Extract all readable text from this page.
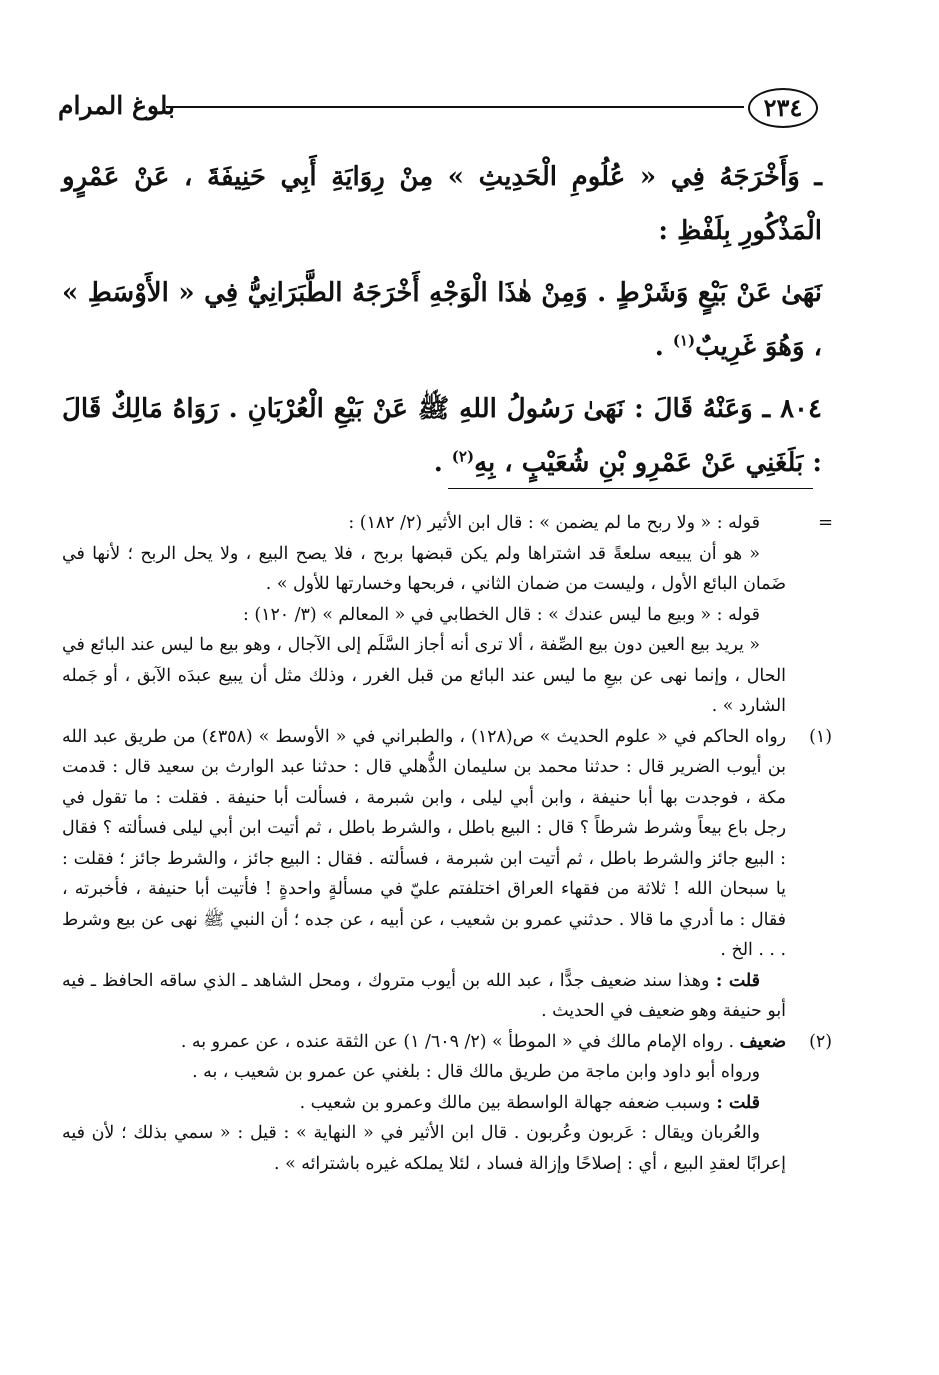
٢٣٤
بلوغ المرام

ـ وَأَخْرَجَهُ فِي « عُلُومِ الْحَدِيثِ » مِنْ رِوَايَةِ أَبِي حَنِيفَةَ ، عَنْ عَمْرٍو الْمَذْكُورِ بِلَفْظِ :

نَهَىٰ عَنْ بَيْعٍ وَشَرْطٍ . وَمِنْ هٰذَا الْوَجْهِ أَخْرَجَهُ الطَّبَرَانِيُّ فِي « الأَوْسَطِ » ، وَهُوَ غَرِيبٌ$^{(١)}$ .

٨٠٤ ـ وَعَنْهُ قَالَ : نَهَىٰ رَسُولُ اللهِ ﷺ عَنْ بَيْعِ الْعُرْبَانِ . رَوَاهُ مَالِكٌ قَالَ : بَلَغَنِي عَنْ عَمْرِو بْنِ شُعَيْبٍ ، بِهِ$^{(٢)}$ .

=

قوله : « ولا ربح ما لم يضمن » : قال ابن الأثير (٢/ ١٨٢) :

« هو أن يبيعه سلعةً قد اشتراها ولم يكن قبضها بربح ، فلا يصح البيع ، ولا يحل الربح ؛ لأنها في ضَمان البائع الأول ، وليست من ضمان الثاني ، فربحها وخسارتها للأول » .

قوله : « وبيع ما ليس عندك » : قال الخطابي في « المعالم » (٣/ ١٢٠) :

« يريد بيع العين دون بيع الصِّفة ، ألا ترى أنه أجاز السَّلَم إلى الآجال ، وهو بيع ما ليس عند البائع في الحال ، وإنما نهى عن بيعِ ما ليس عند البائع من قبل الغرر ، وذلك مثل أن يبيع عبدَه الآبق ، أو جَمله الشارد » .

(١)

رواه الحاكم في « علوم الحديث » ص(١٢٨) ، والطبراني في « الأوسط » (٤٣٥٨) من طريق عبد الله بن أيوب الضرير قال : حدثنا محمد بن سليمان الذُّهلي قال : حدثنا عبد الوارث بن سعيد قال : قدمت مكة ، فوجدت بها أبا حنيفة ، وابن أبي ليلى ، وابن شبرمة ، فسألت أبا حنيفة . فقلت : ما تقول في رجل باع بيعاً وشرط شرطاً ؟ قال : البيع باطل ، والشرط باطل ، ثم أتيت ابن أبي ليلى فسألته ؟ فقال : البيع جائز والشرط باطل ، ثم أتيت ابن شبرمة ، فسألته . فقال : البيع جائز ، والشرط جائز ؛ فقلت : يا سبحان الله ! ثلاثة من فقهاء العراق اختلفتم عليّ في مسألةٍ واحدةٍ ! فأتيت أبا حنيفة ، فأخبرته ، فقال : ما أدري ما قالا . حدثني عمرو بن شعيب ، عن أبيه ، عن جده ؛ أن النبي ﷺ نهى عن بيع وشرط . . . الخ .

قلت : وهذا سند ضعيف جدًّا ، عبد الله بن أيوب متروك ، ومحل الشاهد ـ الذي ساقه الحافظ ـ فيه أبو حنيفة وهو ضعيف في الحديث .

(٢)

ضعيف . رواه الإمام مالك في « الموطأ » (٢/ ٦٠٩/ ١) عن الثقة عنده ، عن عمرو به .

ورواه أبو داود وابن ماجة من طريق مالك قال : بلغني عن عمرو بن شعيب ، به .

قلت : وسبب ضعفه جهالة الواسطة بين مالك وعمرو بن شعيب .

والعُربان ويقال : عَربون وعُربون . قال ابن الأثير في « النهاية » : قيل : « سمي بذلك ؛ لأن فيه إعرابًا لعقدِ البيع ، أي : إصلاحًا وإزالة فساد ، لئلا يملكه غيره باشترائه » .
